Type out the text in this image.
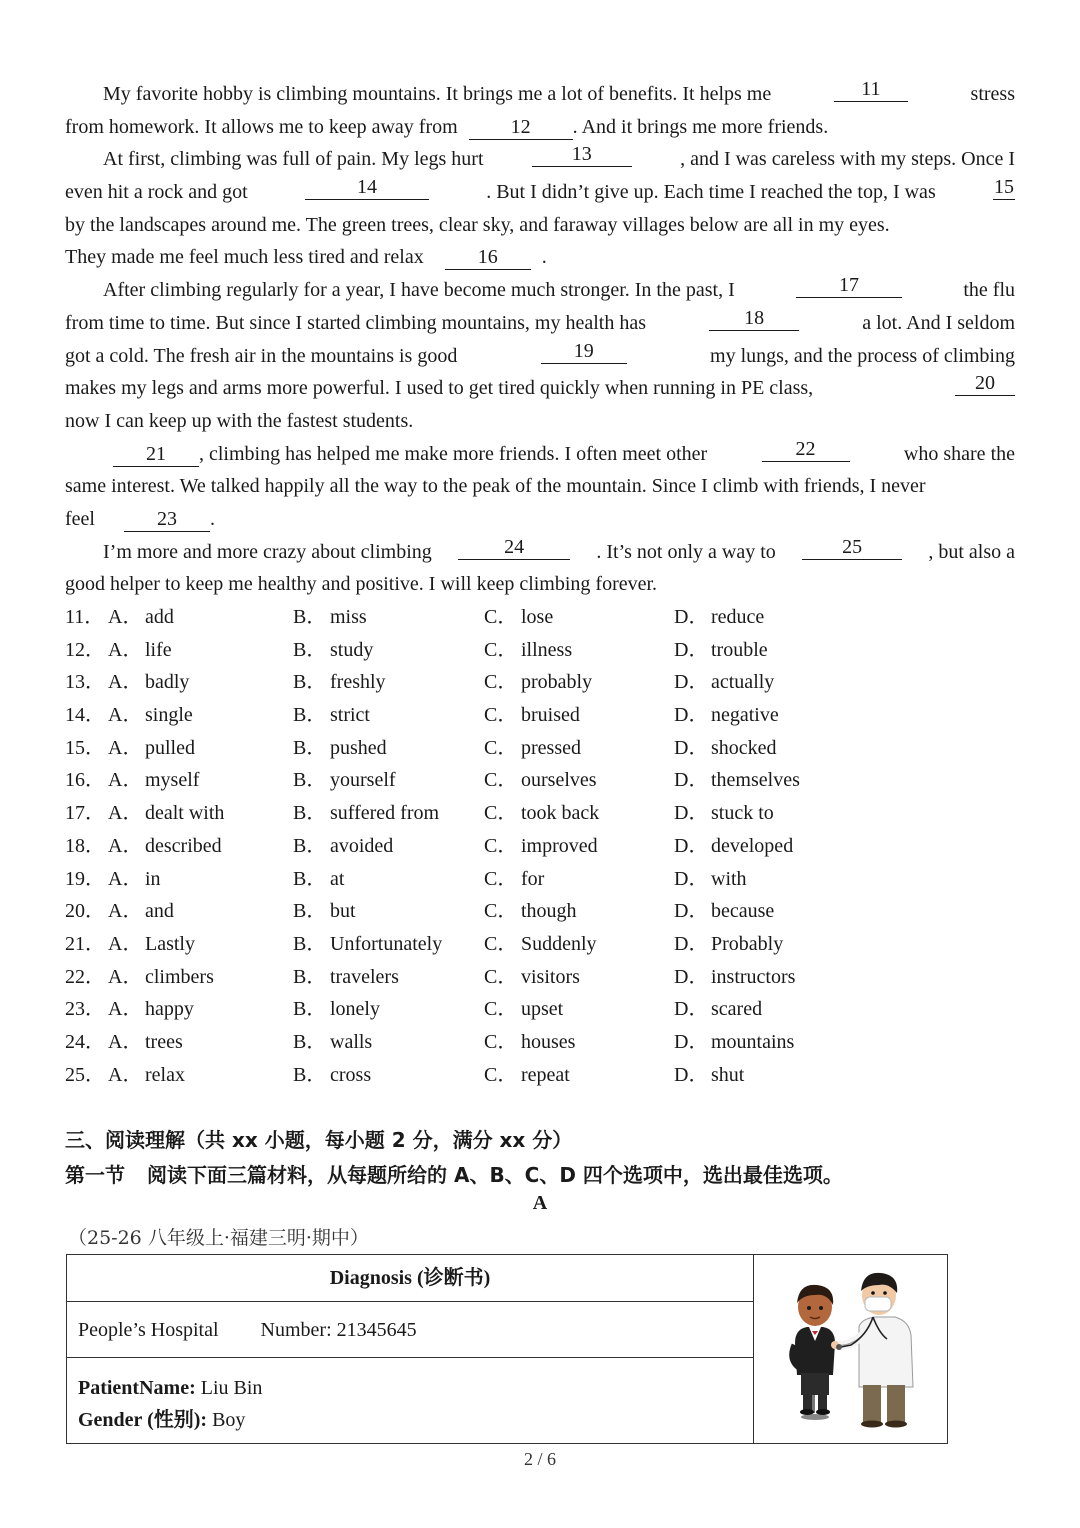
My favorite hobby is climbing mountains. It brings me a lot of benefits. It helps me	11	stress
from homework. It allows me to keep away from	12 . And it brings me more friends.
At first, climbing was full of pain. My legs hurt	13	, and I was careless with my steps. Once I
even hit a rock and got	14	. But I didn’t give up. Each time I reached the top, I was	15
by the landscapes around me. The green trees, clear sky, and faraway villages below are all in my eyes.
They made me feel much less tired and relax	16 .
After climbing regularly for a year, I have become much stronger. In the past, I	17	the flu
from time to time. But since I started climbing mountains, my health has	18	a lot. And I seldom
got a cold. The fresh air in the mountains is good	19	my lungs, and the process of climbing
makes my legs and arms more powerful. I used to get tired quickly when running in PE class,	20
now I can keep up with the fastest students.
21 , climbing has helped me make more friends. I often meet other	22	who share the
same interest. We talked happily all the way to the peak of the mountain. Since I climb with friends, I never
feel	23 .
I’m more and more crazy about climbing	24	. It’s not only a way to	25	, but also a
good helper to keep me healthy and positive. I will keep climbing forever.
11． A． add	B． miss	C． lose	D． reduce
12． A． life	B． study	C． illness	D． trouble
13． A． badly	B． freshly	C． probably	D． actually
14． A． single	B． strict	C． bruised	D． negative
15． A． pulled	B． pushed	C． pressed	D． shocked
16． A． myself	B． yourself	C． ourselves	D． themselves
17． A． dealt with	B． suffered from C． took back	D． stuck to
18． A． described	B． avoided	C． improved	D． developed
19． A． in	B． at	C． for	D． with
20． A． and	B． but	C． though	D． because
21． A． Lastly	B． Unfortunately C． Suddenly	D． Probably
22． A． climbers	B． travelers	C． visitors	D． instructors
23． A． happy	B． lonely	C． upset	D． scared
24． A． trees	B． walls	C． houses	D． mountains
25． A． relax	B． cross	C． repeat	D． shut
三、阅读理解（共 xx 小题，每小题 2 分，满分 xx 分）
第一节 阅读下面三篇材料，从每题所给的 A、B、C、D 四个选项中，选出最佳选项。
A
（25-26 八年级上·福建三明·期中）
Diagnosis (诊断书)
People’s Hospital Number: 21345645
PatientName: Liu Bin
Gender (性别): Boy
2 / 6
